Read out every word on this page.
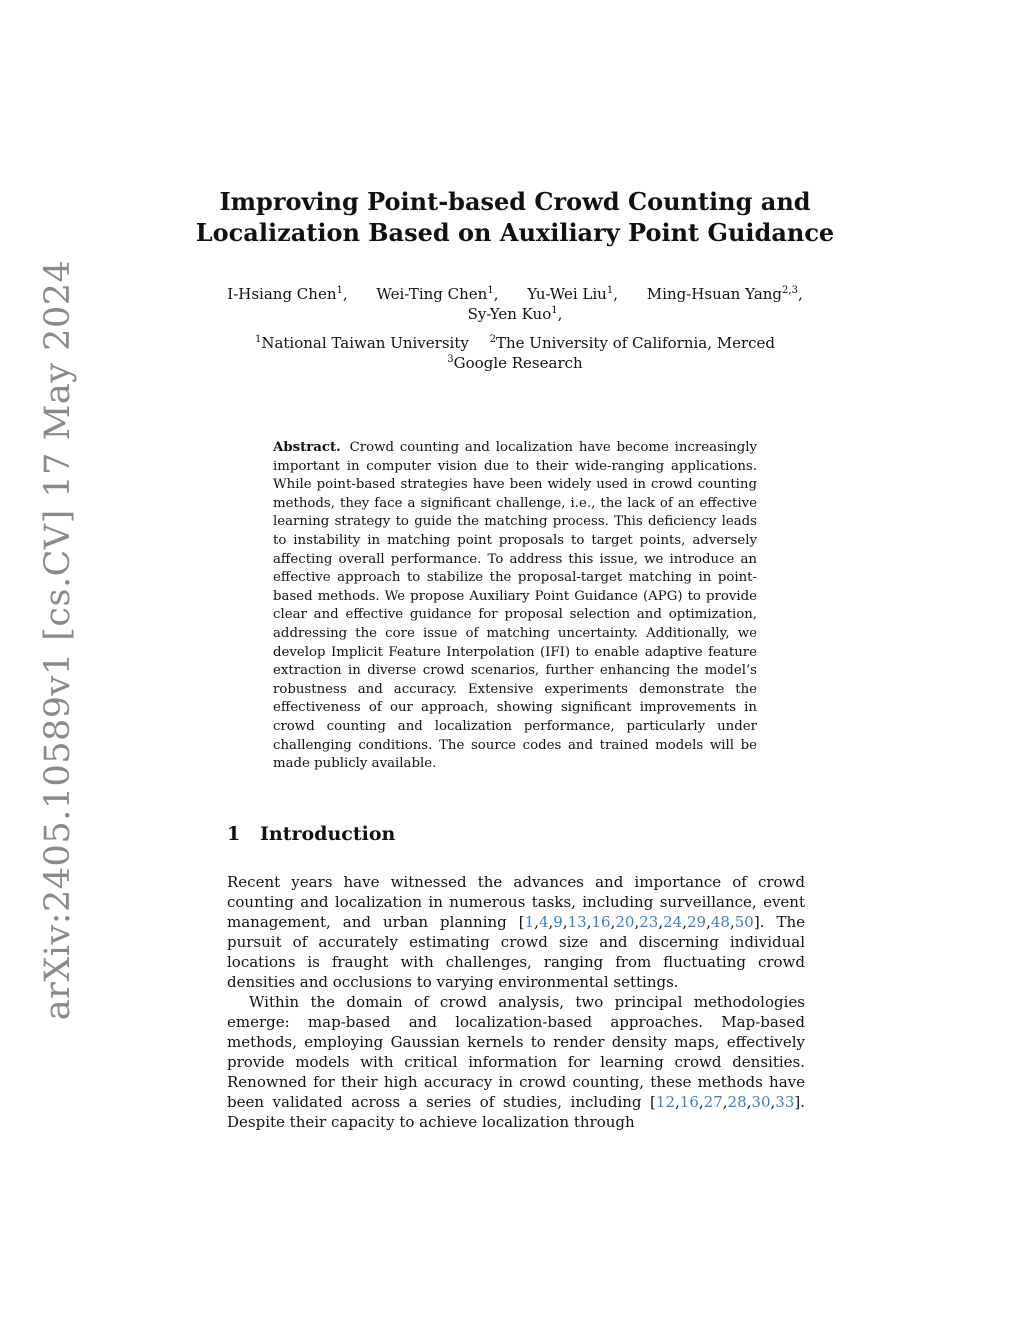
arXiv:2405.10589v1 [cs.CV] 17 May 2024
Improving Point-based Crowd Counting and
Localization Based on Auxiliary Point Guidance
I-Hsiang Chen$^1$, Wei-Ting Chen$^1$, Yu-Wei Liu$^1$, Ming-Hsuan Yang$^{2,3}$,
Sy-Yen Kuo$^1$,
$^1$National Taiwan University $^2$The University of California, Merced
$^3$Google Research
Abstract. Crowd counting and localization have become increasingly important in computer vision due to their wide-ranging applications. While point-based strategies have been widely used in crowd counting methods, they face a significant challenge, i.e., the lack of an effective learning strategy to guide the matching process. This deficiency leads to instability in matching point proposals to target points, adversely affecting overall performance. To address this issue, we introduce an effective approach to stabilize the proposal-target matching in point-based methods. We propose Auxiliary Point Guidance (APG) to provide clear and effective guidance for proposal selection and optimization, addressing the core issue of matching uncertainty. Additionally, we develop Implicit Feature Interpolation (IFI) to enable adaptive feature extraction in diverse crowd scenarios, further enhancing the model’s robustness and accuracy. Extensive experiments demonstrate the effectiveness of our approach, showing significant improvements in crowd counting and localization performance, particularly under challenging conditions. The source codes and trained models will be made publicly available.
1 Introduction

Recent years have witnessed the advances and importance of crowd counting and localization in numerous tasks, including surveillance, event management, and urban planning [1,4,9,13,16,20,23,24,29,48,50]. The pursuit of accurately estimating crowd size and discerning individual locations is fraught with challenges, ranging from fluctuating crowd densities and occlusions to varying environmental settings.

Within the domain of crowd analysis, two principal methodologies emerge: map-based and localization-based approaches. Map-based methods, employing Gaussian kernels to render density maps, effectively provide models with critical information for learning crowd densities. Renowned for their high accuracy in crowd counting, these methods have been validated across a series of studies, including [12,16,27,28,30,33]. Despite their capacity to achieve localization through
